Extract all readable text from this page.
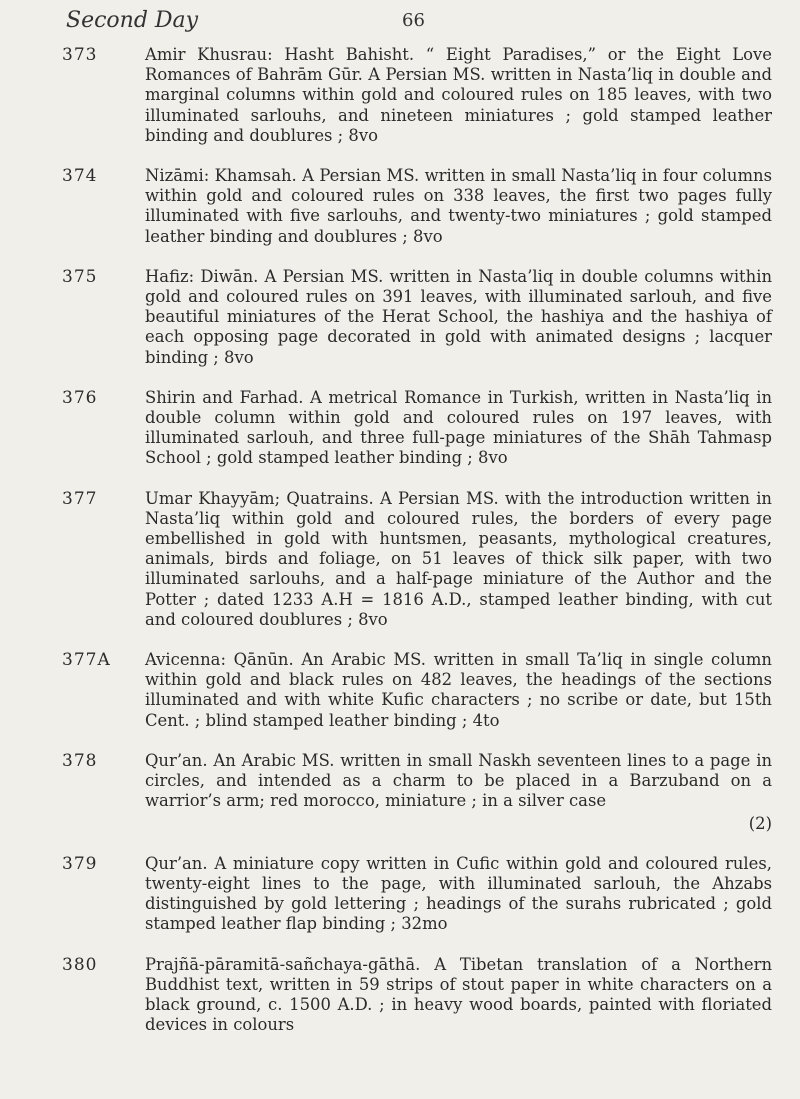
Second Day	66
373	Amir Khusrau: Hasht Bahisht. “ Eight Paradises,” or the Eight Love Romances of Bahrām Gūr. A Persian MS. written in Nasta’liq in double and marginal columns within gold and coloured rules on 185 leaves, with two illuminated sarlouhs, and nineteen miniatures ; gold stamped leather binding and doublures ; 8vo
374	Nizāmi: Khamsah. A Persian MS. written in small Nasta’liq in four columns within gold and coloured rules on 338 leaves, the first two pages fully illuminated with five sarlouhs, and twenty-two miniatures ; gold stamped leather binding and doublures ; 8vo
375	Hafiz: Diwān. A Persian MS. written in Nasta’liq in double columns within gold and coloured rules on 391 leaves, with illuminated sarlouh, and five beautiful miniatures of the Herat School, the hashiya and the hashiya of each opposing page decorated in gold with animated designs ; lacquer binding ; 8vo
376	Shirin and Farhad. A metrical Romance in Turkish, written in Nasta’liq in double column within gold and coloured rules on 197 leaves, with illuminated sarlouh, and three full-page miniatures of the Shāh Tahmasp School ; gold stamped leather binding ; 8vo
377	Umar Khayyām; Quatrains. A Persian MS. with the introduction written in Nasta’liq within gold and coloured rules, the borders of every page embellished in gold with huntsmen, peasants, mythological creatures, animals, birds and foliage, on 51 leaves of thick silk paper, with two illuminated sarlouhs, and a half-page miniature of the Author and the Potter ; dated 1233 A.H = 1816 A.D., stamped leather binding, with cut and coloured doublures ; 8vo
377A	Avicenna: Qānūn. An Arabic MS. written in small Ta’liq in single column within gold and black rules on 482 leaves, the headings of the sections illuminated and with white Kufic characters ; no scribe or date, but 15th Cent. ; blind stamped leather binding ; 4to
378	Qur’an. An Arabic MS. written in small Naskh seventeen lines to a page in circles, and intended as a charm to be placed in a Barzuband on a warrior’s arm; red morocco, miniature ; in a silver case
(2)
379	Qur’an. A miniature copy written in Cufic within gold and coloured rules, twenty-eight lines to the page, with illuminated sarlouh, the Ahzabs distinguished by gold lettering ; headings of the surahs rubricated ; gold stamped leather flap binding ; 32mo
380	Prajñā-pāramitā-sañchaya-gāthā. A Tibetan translation of a Northern Buddhist text, written in 59 strips of stout paper in white characters on a black ground, c. 1500 A.D. ; in heavy wood boards, painted with floriated devices in colours
